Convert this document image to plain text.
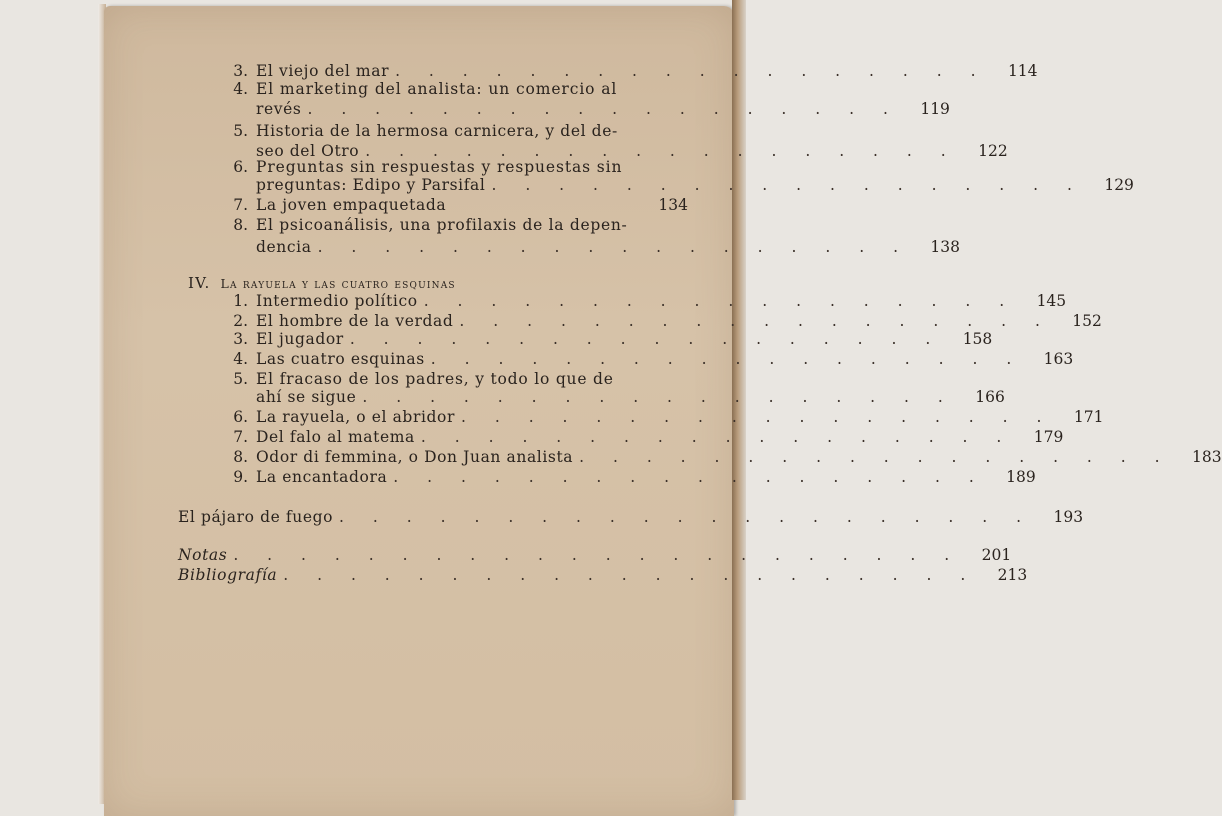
3. El viejo del mar . . . . . . . . . . . . . . . . . .	114
4. El marketing del analista: un comercio al
revés . . . . . . . . . . . . . . . . . .	119
5. Historia de la hermosa carnicera, y del de-
seo del Otro . . . . . . . . . . . . . . . . . .	122
6. Preguntas sin respuestas y respuestas sin
preguntas: Edipo y Parsifal . . . . . . . . . . . . . . . . . .	129
7. La joven empaquetada	134
8. El psicoanálisis, una profilaxis de la depen-
dencia . . . . . . . . . . . . . . . . . .	138
IV. La rayuela y las cuatro esquinas
1. Intermedio político . . . . . . . . . . . . . . . . . .	145
2. El hombre de la verdad . . . . . . . . . . . . . . . . . .	152
3. El jugador . . . . . . . . . . . . . . . . . .	158
4. Las cuatro esquinas . . . . . . . . . . . . . . . . . .	163
5. El fracaso de los padres, y todo lo que de
ahí se sigue . . . . . . . . . . . . . . . . . .	166
6. La rayuela, o el abridor . . . . . . . . . . . . . . . . . .	171
7. Del falo al matema . . . . . . . . . . . . . . . . . .	179
8. Odor di femmina, o Don Juan analista . . . . . . . . . . . . . . . . . .	183
9. La encantadora . . . . . . . . . . . . . . . . . .	189
El pájaro de fuego . . . . . . . . . . . . . . . . . . . . .	193
Notas . . . . . . . . . . . . . . . . . . . . . .	201
Bibliografía . . . . . . . . . . . . . . . . . . . . .	213
